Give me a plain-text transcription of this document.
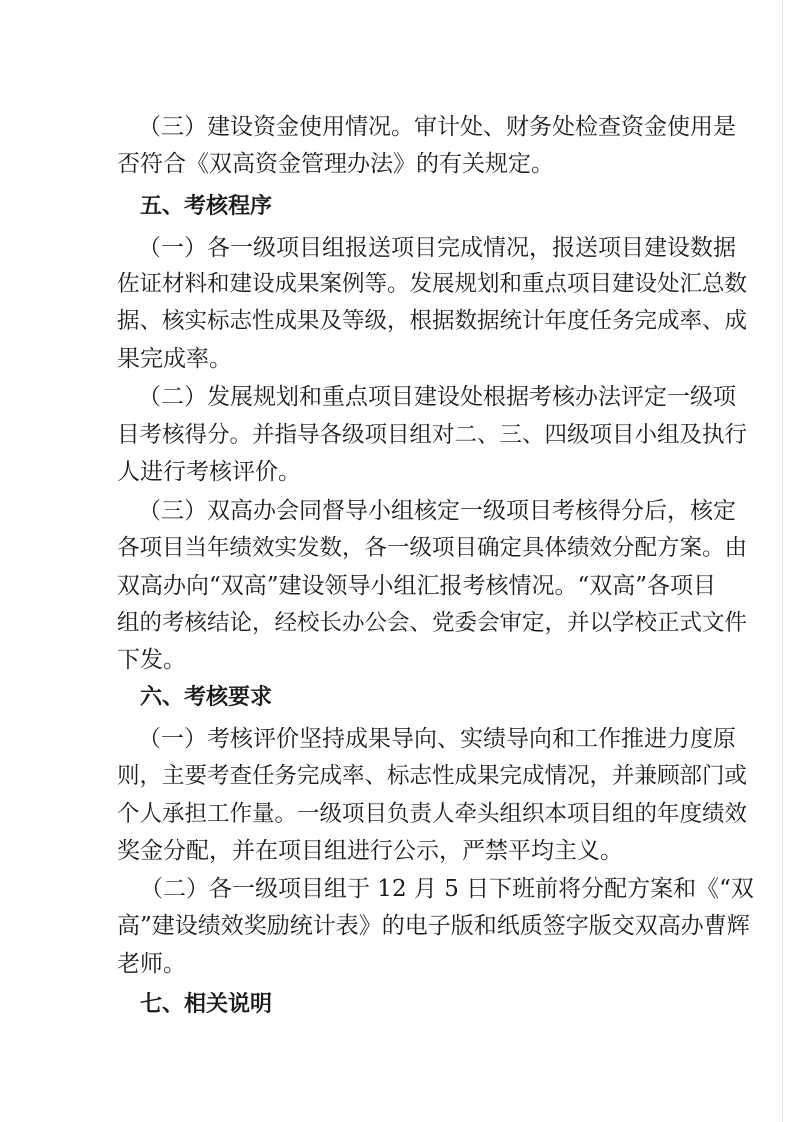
（三）建设资金使用情况。审计处、财务处检查资金使用是

否符合《双高资金管理办法》的有关规定。

五、考核程序

（一）各一级项目组报送项目完成情况，报送项目建设数据

佐证材料和建设成果案例等。发展规划和重点项目建设处汇总数

据、核实标志性成果及等级，根据数据统计年度任务完成率、成

果完成率。

（二）发展规划和重点项目建设处根据考核办法评定一级项

目考核得分。并指导各级项目组对二、三、四级项目小组及执行

人进行考核评价。

（三）双高办会同督导小组核定一级项目考核得分后，核定

各项目当年绩效实发数，各一级项目确定具体绩效分配方案。由

双高办向“双高”建设领导小组汇报考核情况。“双高”各项目

组的考核结论，经校长办公会、党委会审定，并以学校正式文件

下发。

六、考核要求

（一）考核评价坚持成果导向、实绩导向和工作推进力度原

则，主要考查任务完成率、标志性成果完成情况，并兼顾部门或

个人承担工作量。一级项目负责人牵头组织本项目组的年度绩效

奖金分配，并在项目组进行公示，严禁平均主义。

（二）各一级项目组于 12 月 5 日下班前将分配方案和《“双

高”建设绩效奖励统计表》的电子版和纸质签字版交双高办曹辉

老师。

七、相关说明
